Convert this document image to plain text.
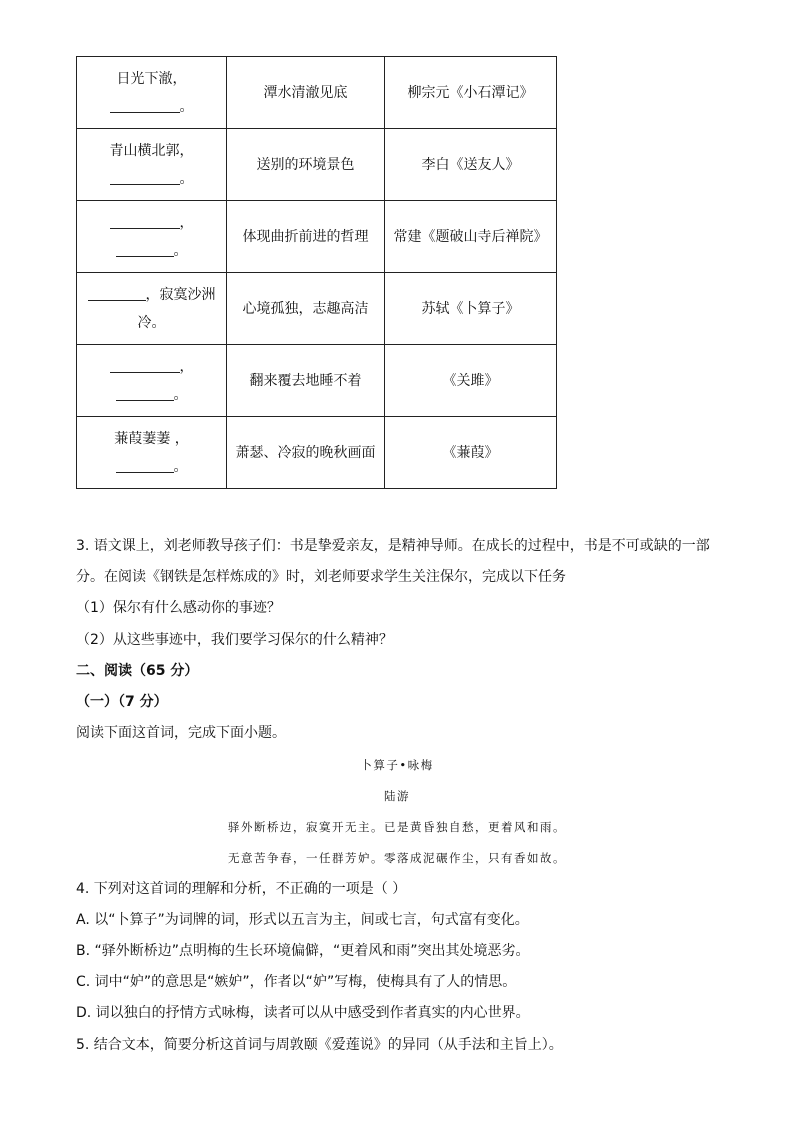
日光下澈，
。	潭水清澈见底	柳宗元《小石潭记》
青山横北郭，
。	送别的环境景色	李白《送友人》
，
。	体现曲折前进的哲理	常建《题破山寺后禅院》
，寂寞沙洲
冷。	心境孤独，志趣高洁	苏轼《卜算子》
，
。	翻来覆去地睡不着	《关雎》
蒹葭萋萋 ，
。	萧瑟、冷寂的晚秋画面	《蒹葭》
3. 语文课上，刘老师教导孩子们：书是挚爱亲友，是精神导师。在成长的过程中，书是不可或缺的一部
分。在阅读《钢铁是怎样炼成的》时，刘老师要求学生关注保尔，完成以下任务
（1）保尔有什么感动你的事迹？
（2）从这些事迹中，我们要学习保尔的什么精神？
二、阅读（65 分）
（一）（7 分）
阅读下面这首词，完成下面小题。
卜算子•咏梅
陆游
驿外断桥边，寂寞开无主。已是黄昏独自愁，更着风和雨。
无意苦争春，一任群芳妒。零落成泥碾作尘，只有香如故。
4. 下列对这首词的理解和分析，不正确的一项是（ ）
A. 以“卜算子”为词牌的词，形式以五言为主，间或七言，句式富有变化。
B. “驿外断桥边”点明梅的生长环境偏僻，“更着风和雨”突出其处境恶劣。
C. 词中“妒”的意思是“嫉妒”，作者以“妒”写梅，使梅具有了人的情思。
D. 词以独白的抒情方式咏梅，读者可以从中感受到作者真实的内心世界。
5. 结合文本，简要分析这首词与周敦颐《爱莲说》的异同（从手法和主旨上）。
